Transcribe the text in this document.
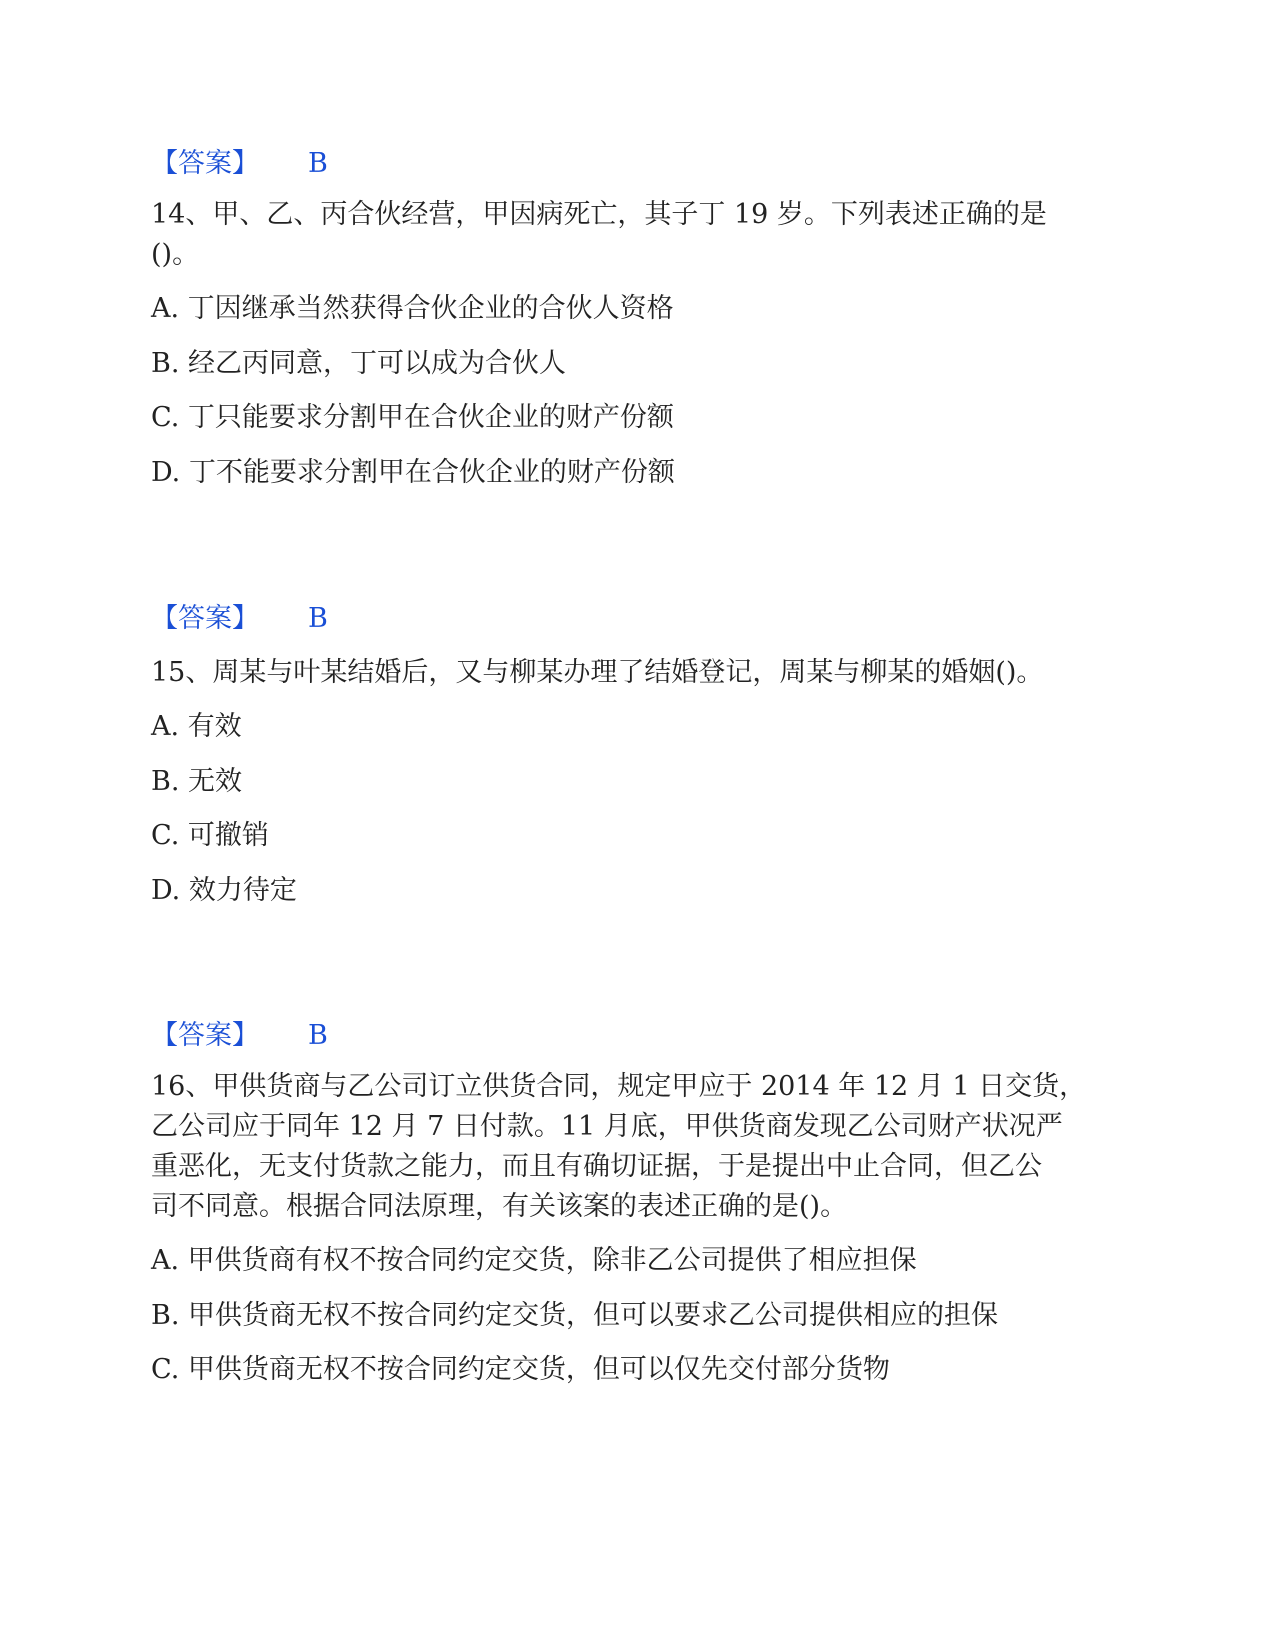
【答案】 B
14、甲、乙、丙合伙经营，甲因病死亡，其子丁 19 岁。下列表述正确的是
()。
A. 丁因继承当然获得合伙企业的合伙人资格
B. 经乙丙同意，丁可以成为合伙人
C. 丁只能要求分割甲在合伙企业的财产份额
D. 丁不能要求分割甲在合伙企业的财产份额
【答案】 B
15、周某与叶某结婚后，又与柳某办理了结婚登记，周某与柳某的婚姻()。
A. 有效
B. 无效
C. 可撤销
D. 效力待定
【答案】 B
16、甲供货商与乙公司订立供货合同，规定甲应于 2014 年 12 月 1 日交货，
乙公司应于同年 12 月 7 日付款。11 月底，甲供货商发现乙公司财产状况严
重恶化，无支付货款之能力，而且有确切证据，于是提出中止合同，但乙公
司不同意。根据合同法原理，有关该案的表述正确的是()。
A. 甲供货商有权不按合同约定交货，除非乙公司提供了相应担保
B. 甲供货商无权不按合同约定交货，但可以要求乙公司提供相应的担保
C. 甲供货商无权不按合同约定交货，但可以仅先交付部分货物
